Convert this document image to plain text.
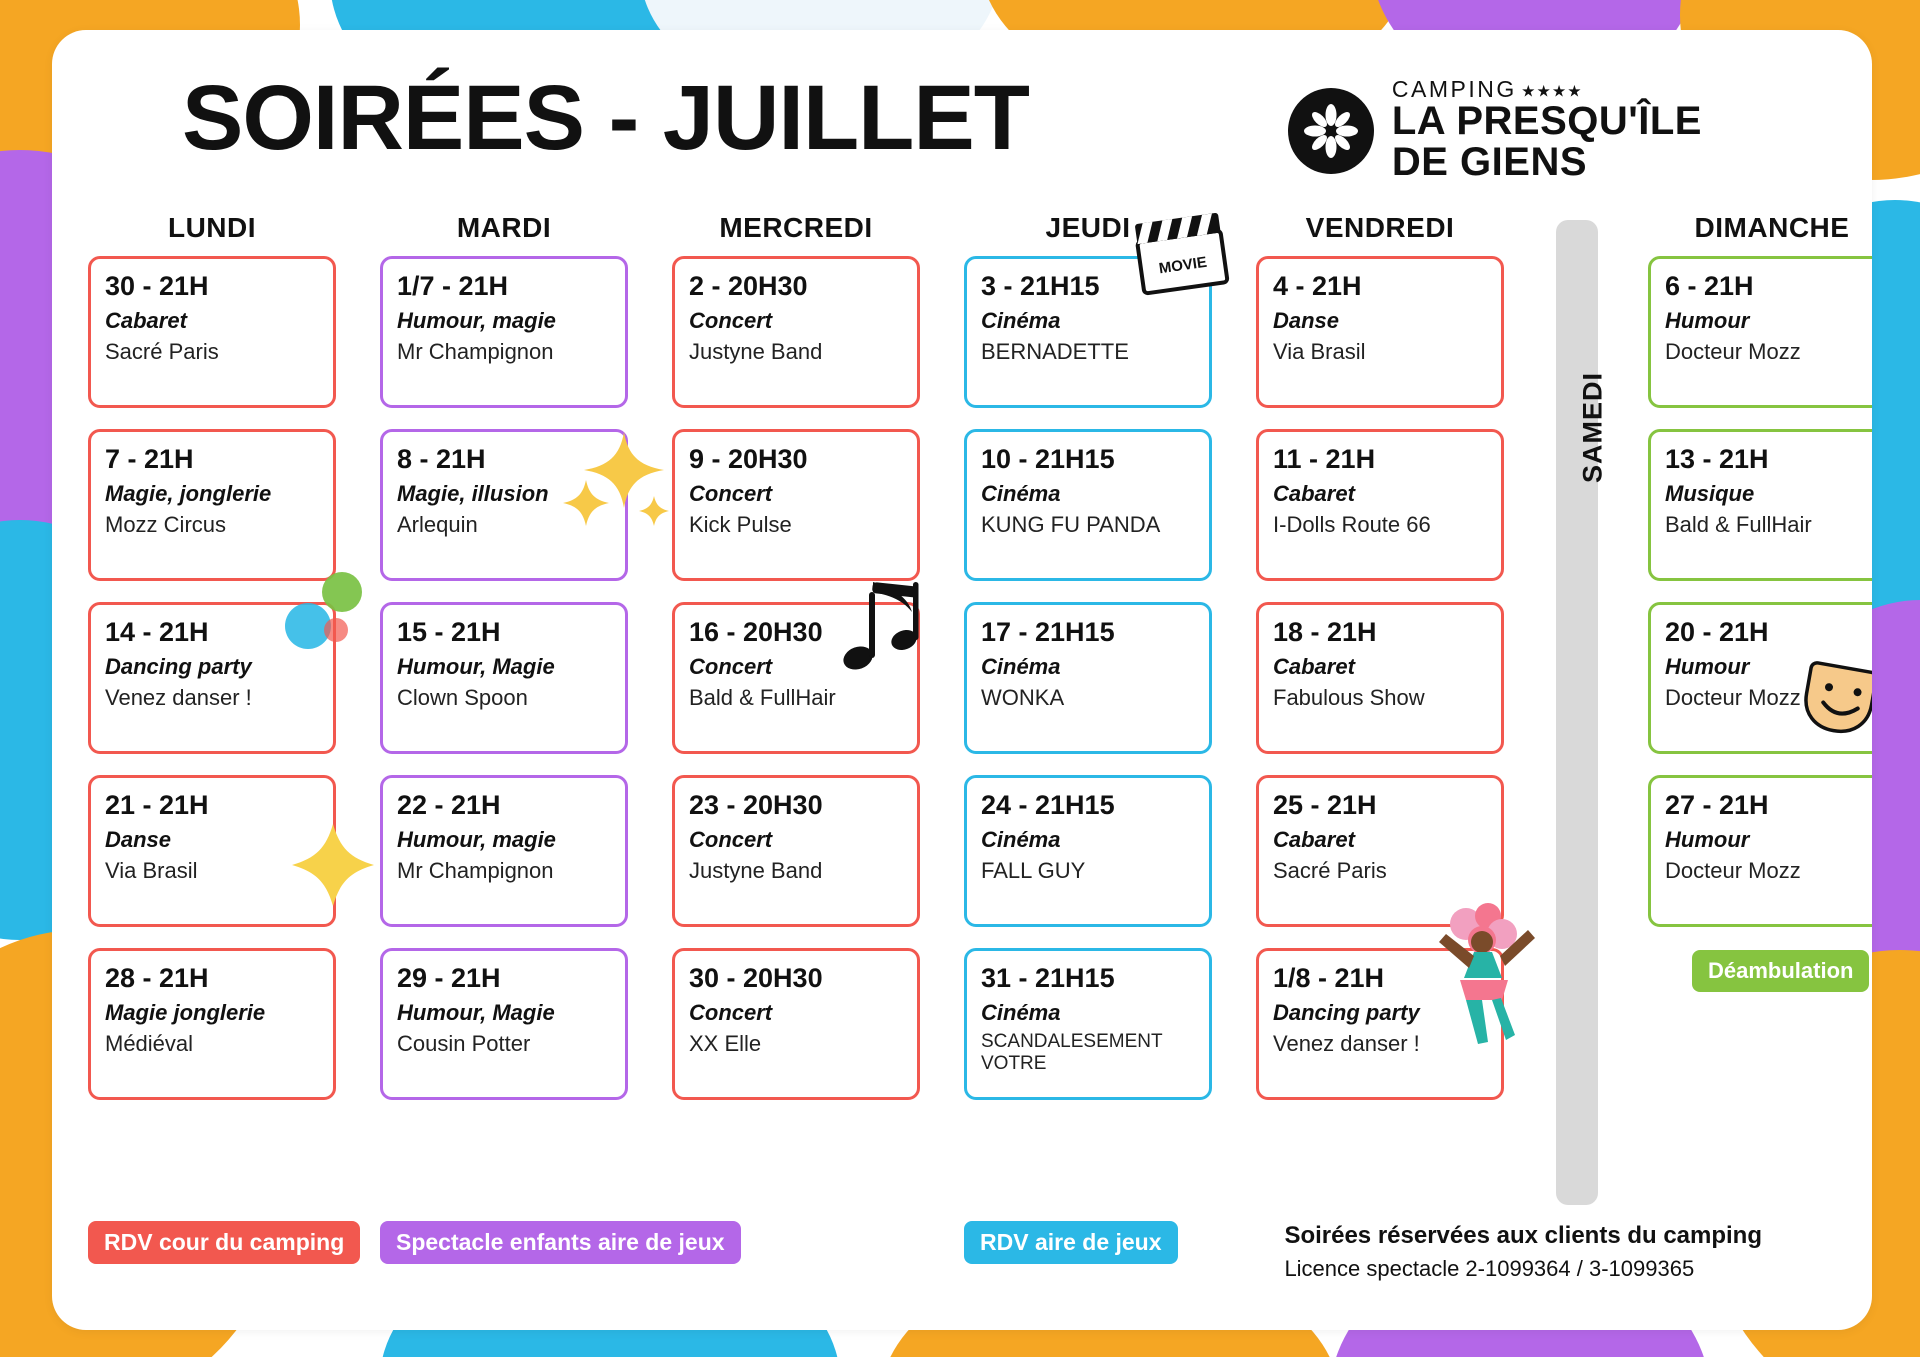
SOIRÉES - JUILLET	CAMPING ★★★★
LA PRESQU'ÎLE
DE GIENS
LUNDI
30 - 21H
Cabaret
Sacré Paris
7 - 21H
Magie, jonglerie
Mozz Circus
14 - 21H
Dancing party
Venez danser !
21 - 21H
Danse
Via Brasil
28 - 21H
Magie jonglerie
Médiéval
MARDI
1/7 - 21H
Humour, magie
Mr Champignon
8 - 21H
Magie, illusion
Arlequin
15 - 21H
Humour, Magie
Clown Spoon
22 - 21H
Humour, magie
Mr Champignon
29 - 21H
Humour, Magie
Cousin Potter
MERCREDI
2 - 20H30
Concert
Justyne Band
9 - 20H30
Concert
Kick Pulse
16 - 20H30
Concert
Bald & FullHair
23 - 20H30
Concert
Justyne Band
30 - 20H30
Concert
XX Elle
JEUDI
3 - 21H15
Cinéma
BERNADETTE
10 - 21H15
Cinéma
KUNG FU PANDA
17 - 21H15
Cinéma
WONKA
24 - 21H15
Cinéma
FALL GUY
31 - 21H15
Cinéma
SCANDALESEMENT VOTRE
VENDREDI
4 - 21H
Danse
Via Brasil
11 - 21H
Cabaret
I-Dolls Route 66
18 - 21H
Cabaret
Fabulous Show
25 - 21H
Cabaret
Sacré Paris
1/8 - 21H
Dancing party
Venez danser !
SAMEDI
DIMANCHE
6 - 21H
Humour
Docteur Mozz
13 - 21H
Musique
Bald & FullHair
20 - 21H
Humour
Docteur Mozz
27 - 21H
Humour
Docteur Mozz
Déambulation
RDV cour du camping	Spectacle enfants aire de jeux	RDV aire de jeux	Soirées réservées aux clients du camping
Licence spectacle 2-1099364 / 3-1099365
MOVIE
